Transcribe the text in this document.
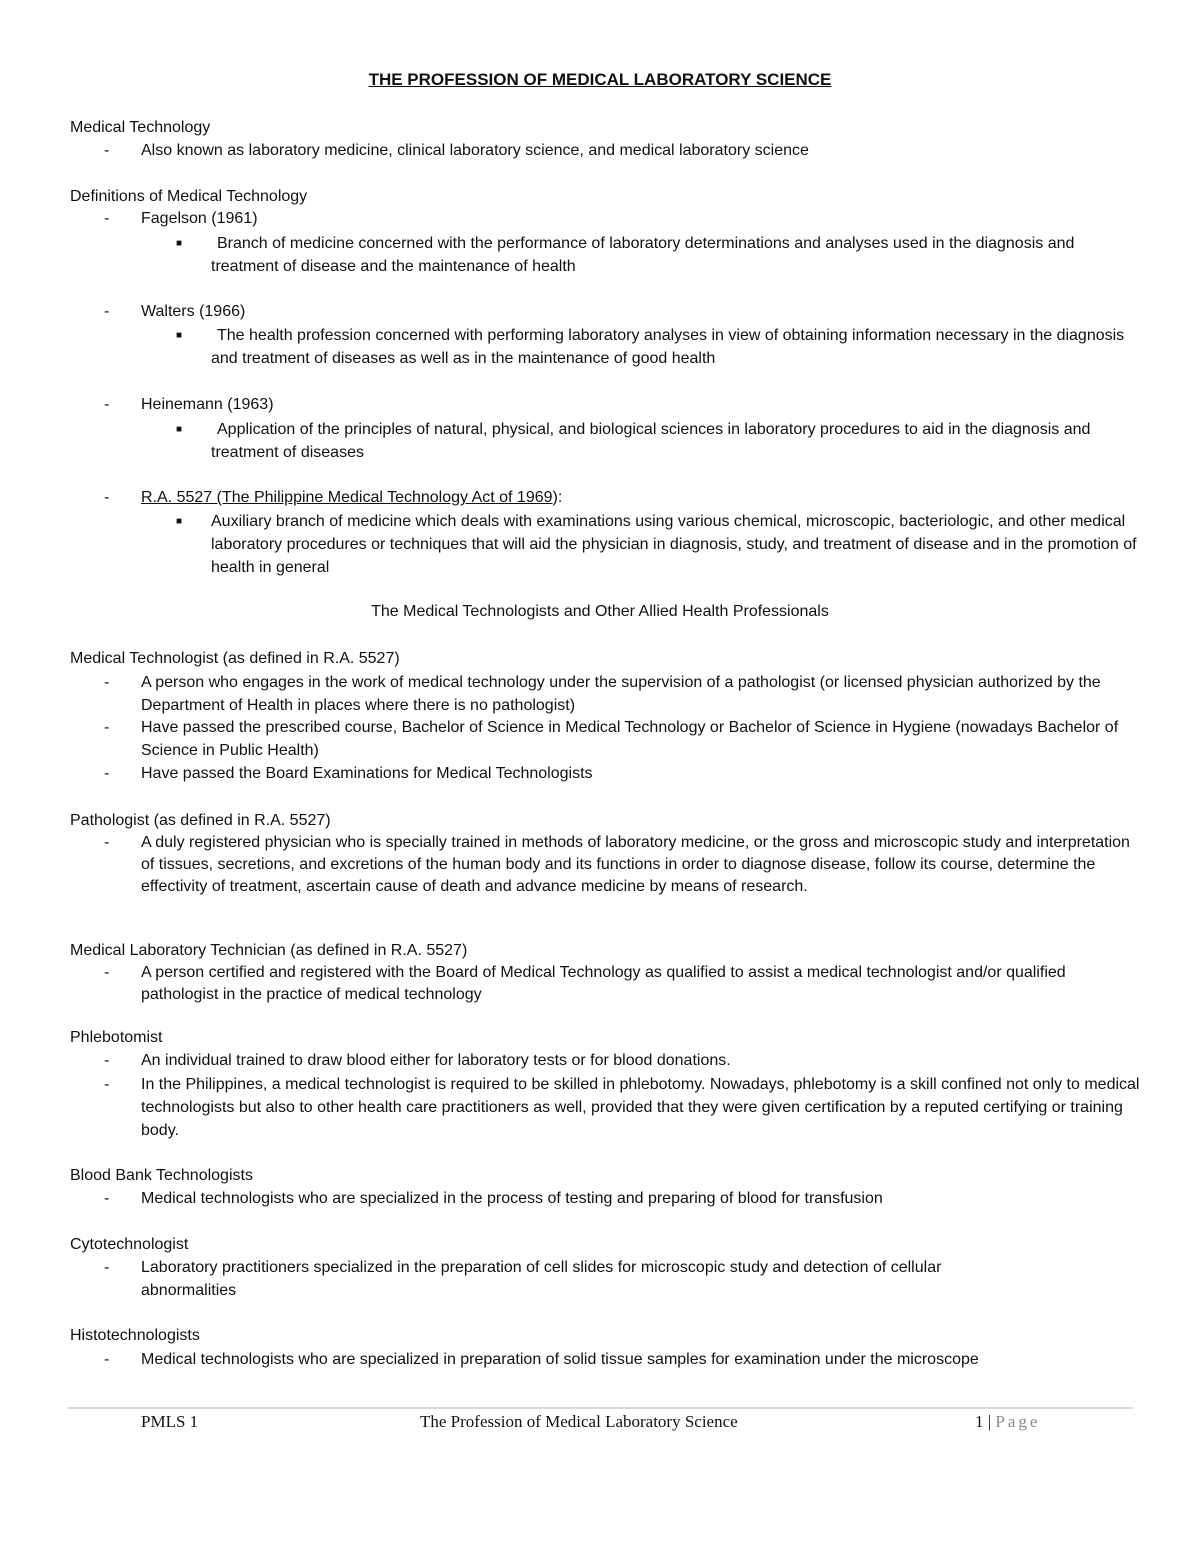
THE PROFESSION OF MEDICAL LABORATORY SCIENCE
Medical Technology
- Also known as laboratory medicine, clinical laboratory science, and medical laboratory science
Definitions of Medical Technology
- Fagelson (1961)
■	Branch of medicine concerned with the performance of laboratory determinations and analyses used in the diagnosis and treatment of disease and the maintenance of health
- Walters (1966)
■	The health profession concerned with performing laboratory analyses in view of obtaining information necessary in the diagnosis and treatment of diseases as well as in the maintenance of good health
- Heinemann (1963)
■	Application of the principles of natural, physical, and biological sciences in laboratory procedures to aid in the diagnosis and treatment of diseases
- R.A. 5527 (The Philippine Medical Technology Act of 1969):
■ Auxiliary branch of medicine which deals with examinations using various chemical, microscopic, bacteriologic, and other medical laboratory procedures or techniques that will aid the physician in diagnosis, study, and treatment of disease and in the promotion of health in general
The Medical Technologists and Other Allied Health Professionals
Medical Technologist (as defined in R.A. 5527)
- A person who engages in the work of medical technology under the supervision of a pathologist (or licensed physician authorized by the Department of Health in places where there is no pathologist)
- Have passed the prescribed course, Bachelor of Science in Medical Technology or Bachelor of Science in Hygiene (nowadays Bachelor of Science in Public Health)
- Have passed the Board Examinations for Medical Technologists
Pathologist (as defined in R.A. 5527)
- A duly registered physician who is specially trained in methods of laboratory medicine, or the gross and microscopic study and interpretation of tissues, secretions, and excretions of the human body and its functions in order to diagnose disease, follow its course, determine the effectivity of treatment, ascertain cause of death and advance medicine by means of research.
Medical Laboratory Technician (as defined in R.A. 5527)
- A person certified and registered with the Board of Medical Technology as qualified to assist a medical technologist and/or qualified pathologist in the practice of medical technology
Phlebotomist
- An individual trained to draw blood either for laboratory tests or for blood donations.
- In the Philippines, a medical technologist is required to be skilled in phlebotomy. Nowadays, phlebotomy is a skill confined not only to medical technologists but also to other health care practitioners as well, provided that they were given certification by a reputed certifying or training body.
Blood Bank Technologists
- Medical technologists who are specialized in the process of testing and preparing of blood for transfusion
Cytotechnologist
- Laboratory practitioners specialized in the preparation of cell slides for microscopic study and detection of cellular abnormalities
Histotechnologists
- Medical technologists who are specialized in preparation of solid tissue samples for examination under the microscope
PMLS 1	The Profession of Medical Laboratory Science	1 | Page
